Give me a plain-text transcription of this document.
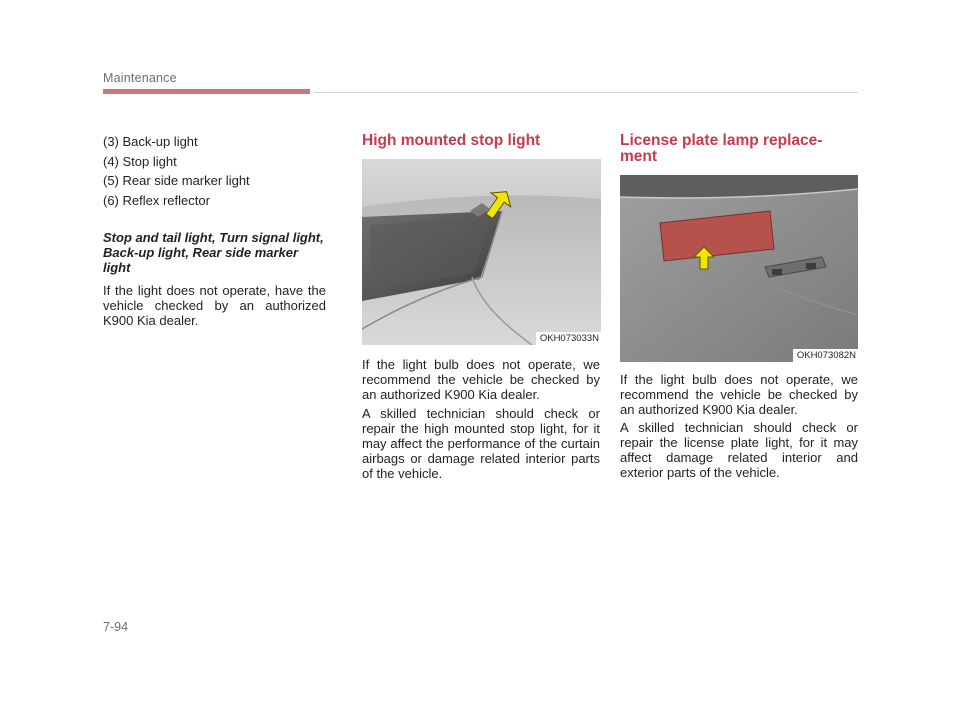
Maintenance
(3) Back-up light
(4) Stop light
(5) Rear side marker light
(6) Reflex reflector
Stop and tail light, Turn signal light, Back-up light, Rear side marker light
If the light does not operate, have the vehicle checked by an authorized K900 Kia dealer.
High mounted stop light
OKH073033N
If the light bulb does not operate, we recommend the vehicle be checked by an authorized K900 Kia dealer.
A skilled technician should check or repair the high mounted stop light, for it may affect the performance of the curtain airbags or damage related interior parts of the vehicle.
License plate lamp replace-ment
OKH073082N
If the light bulb does not operate, we recommend the vehicle be checked by an authorized K900 Kia dealer.
A skilled technician should check or repair the license plate light, for it may affect damage related interior and exterior parts of the vehicle.
7-94
